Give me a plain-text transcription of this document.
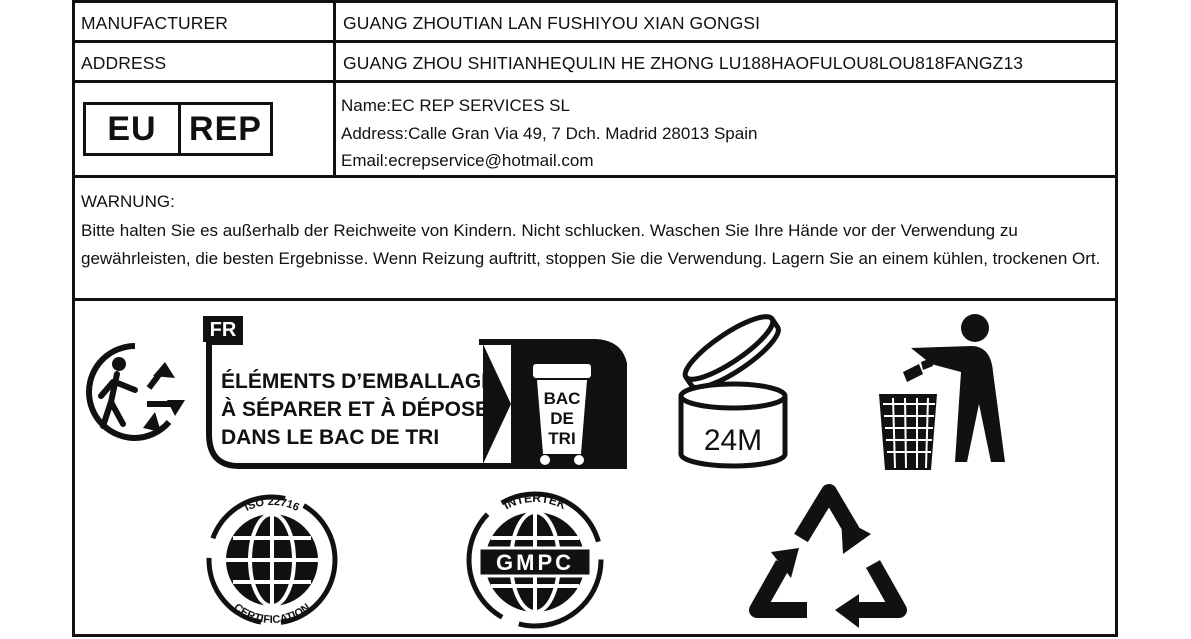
MANUFACTURER	GUANG ZHOUTIAN LAN FUSHIYOU XIAN GONGSI
ADDRESS	GUANG ZHOU SHITIANHEQULIN HE ZHONG LU188HAOFULOU8LOU818FANGZ13
EU REP
Name:EC REP SERVICES SL
Address:Calle Gran Via 49, 7 Dch. Madrid 28013 Spain
Email:ecrepservice@hotmail.com
WARNUNG:
Bitte halten Sie es außerhalb der Reichweite von Kindern. Nicht schlucken. Waschen Sie Ihre Hände vor der Verwendung zu gewährleisten, die besten Ergebnisse. Wenn Reizung auftritt, stoppen Sie die Verwendung. Lagern Sie an einem kühlen, trockenen Ort.
FR
ÉLÉMENTS D’EMBALLAGE
À SÉPARER ET À DÉPOSER
DANS LE BAC DE TRI
BAC
DE
TRI	24M
ISO 22716
CERTIFICATION
GMPC
INTERTEK
